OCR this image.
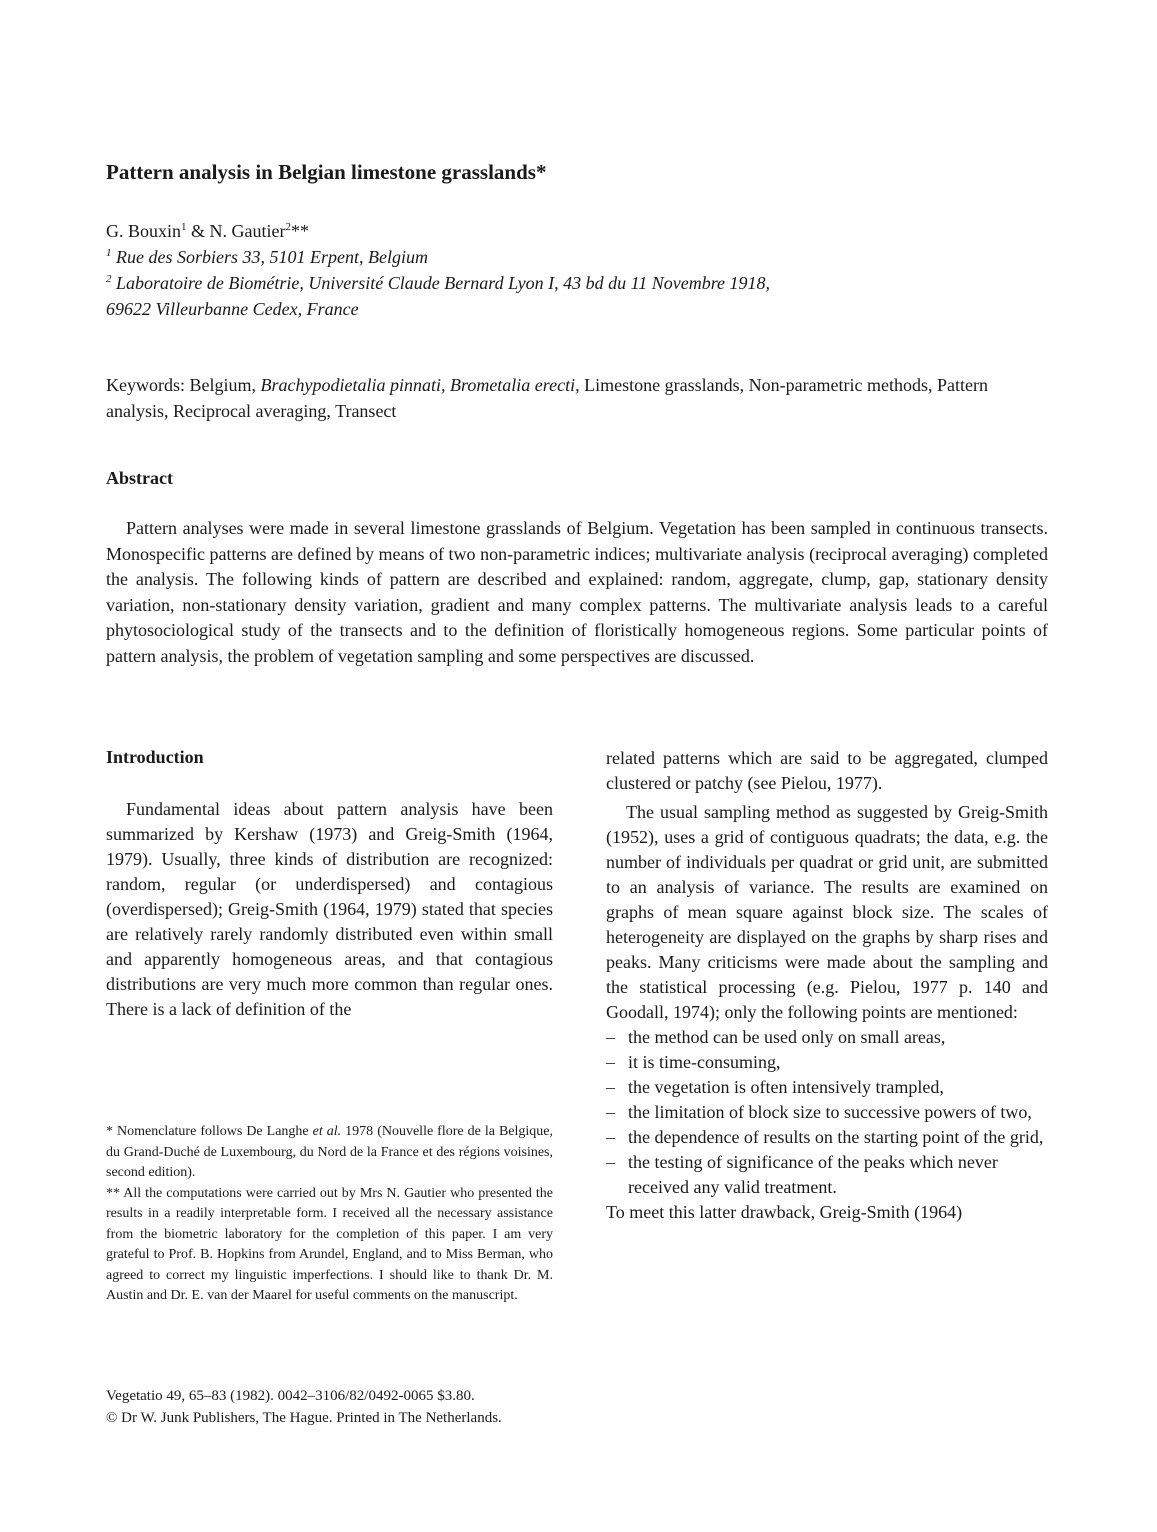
Pattern analysis in Belgian limestone grasslands*
G. Bouxin$^1$ & N. Gautier$^2$**
$^1$ Rue des Sorbiers 33, 5101 Erpent, Belgium
$^2$ Laboratoire de Biométrie, Université Claude Bernard Lyon I, 43 bd du 11 Novembre 1918,
69622 Villeurbanne Cedex, France
Keywords: Belgium, Brachypodietalia pinnati, Brometalia erecti, Limestone grasslands, Non-parametric methods, Pattern analysis, Reciprocal averaging, Transect
Abstract
Pattern analyses were made in several limestone grasslands of Belgium. Vegetation has been sampled in continuous transects. Monospecific patterns are defined by means of two non-parametric indices; multivariate analysis (reciprocal averaging) completed the analysis. The following kinds of pattern are described and explained: random, aggregate, clump, gap, stationary density variation, non-stationary density variation, gradient and many complex patterns. The multivariate analysis leads to a careful phytosociological study of the transects and to the definition of floristically homogeneous regions. Some particular points of pattern analysis, the problem of vegetation sampling and some perspectives are discussed.
Introduction

Fundamental ideas about pattern analysis have been summarized by Kershaw (1973) and Greig-Smith (1964, 1979). Usually, three kinds of distribution are recognized: random, regular (or underdispersed) and contagious (overdispersed); Greig-Smith (1964, 1979) stated that species are relatively rarely randomly distributed even within small and apparently homogeneous areas, and that contagious distributions are very much more common than regular ones. There is a lack of definition of the

* Nomenclature follows De Langhe et al. 1978 (Nouvelle flore de la Belgique, du Grand-Duché de Luxembourg, du Nord de la France et des régions voisines, second edition).

** All the computations were carried out by Mrs N. Gautier who presented the results in a readily interpretable form. I received all the necessary assistance from the biometric laboratory for the completion of this paper. I am very grateful to Prof. B. Hopkins from Arundel, England, and to Miss Berman, who agreed to correct my linguistic imperfections. I should like to thank Dr. M. Austin and Dr. E. van der Maarel for useful comments on the manuscript.

Vegetatio 49, 65–83 (1982). 0042–3106/82/0492-0065 $3.80.
© Dr W. Junk Publishers, The Hague. Printed in The Netherlands.

related patterns which are said to be aggregated, clumped clustered or patchy (see Pielou, 1977).

The usual sampling method as suggested by Greig-Smith (1952), uses a grid of contiguous quadrats; the data, e.g. the number of individuals per quadrat or grid unit, are submitted to an analysis of variance. The results are examined on graphs of mean square against block size. The scales of heterogeneity are displayed on the graphs by sharp rises and peaks. Many criticisms were made about the sampling and the statistical processing (e.g. Pielou, 1977 p. 140 and Goodall, 1974); only the following points are mentioned:

– the method can be used only on small areas,
– it is time-consuming,
– the vegetation is often intensively trampled,
– the limitation of block size to successive powers of two,
– the dependence of results on the starting point of the grid,
– the testing of significance of the peaks which never received any valid treatment.

To meet this latter drawback, Greig-Smith (1964)
